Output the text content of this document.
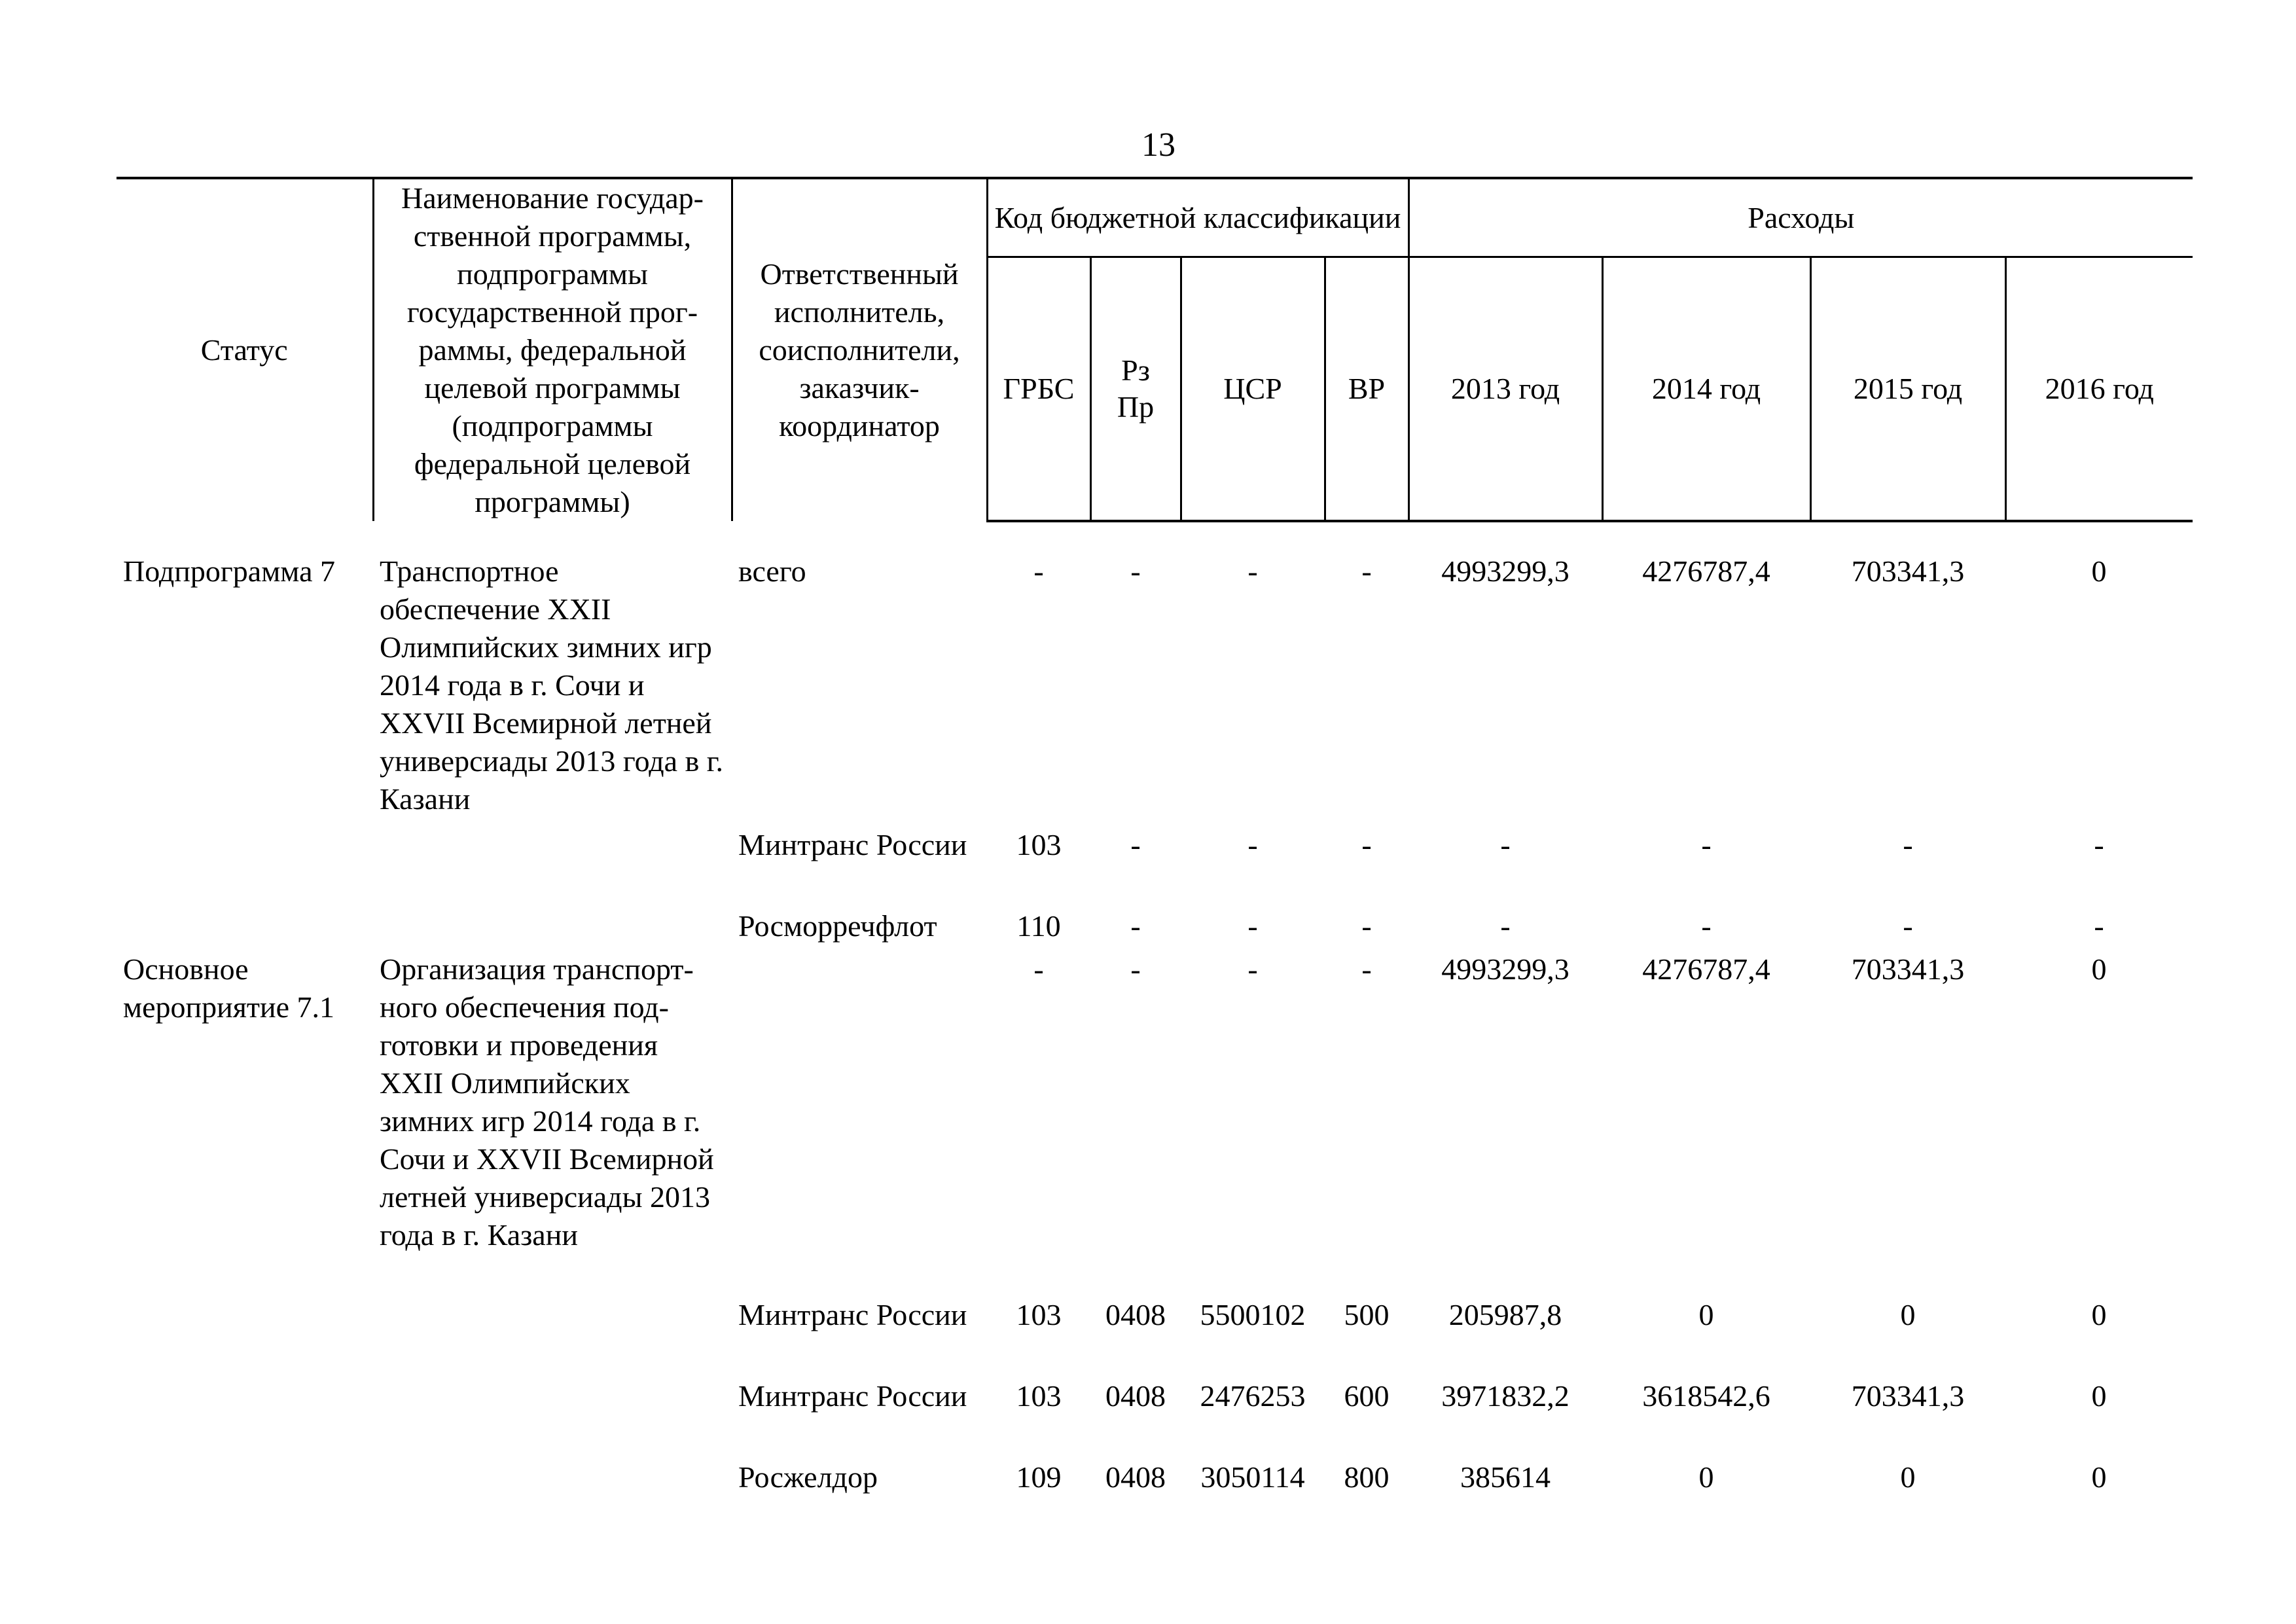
13
Статус	Наименование государ-ственной программы, подпрограммы государственной прог-раммы, федеральной целевой программы (подпрограммы федеральной целевой программы)	Ответственный исполнитель, соисполнители, заказчик-координатор	Код бюджетной классификации				Расходы			
			ГРБС	Рз Пр	ЦСР	ВР	2013 год	2014 год	2015 год	2016 год

Подпрограмма 7	Транспортное обеспечение XXII Олимпийских зимних игр 2014 года в г. Сочи и XXVII Всемирной летней универсиады 2013 года в г. Казани	всего	-	-	-	-	4993299,3	4276787,4	703341,3	0
		Минтранс России	103	-	-	-	-	-	-	-
		Росморречфлот	110	-	-	-	-	-	-	-
Основное мероприятие 7.1	Организация транспорт-ного обеспечения под-готовки и проведения XXII Олимпийских зимних игр 2014 года в г. Сочи и XXVII Всемирной летней универсиады 2013 года в г. Казани		-	-	-	-	4993299,3	4276787,4	703341,3	0
		Минтранс России	103	0408	5500102	500	205987,8	0	0	0
		Минтранс России	103	0408	2476253	600	3971832,2	3618542,6	703341,3	0
		Росжелдор	109	0408	3050114	800	385614	0	0	0
